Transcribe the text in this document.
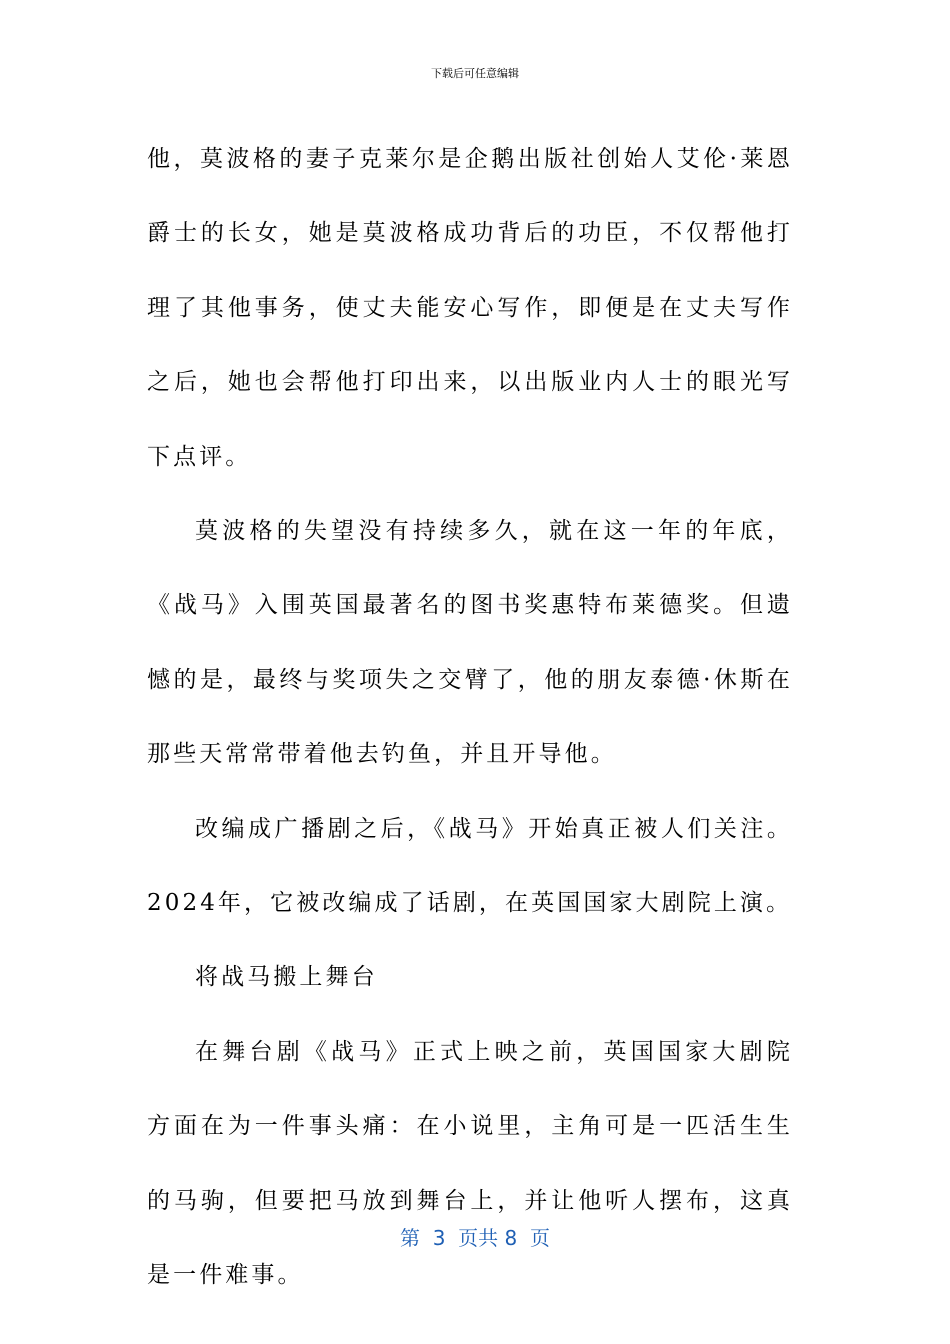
下载后可任意编辑

他，莫波格的妻子克莱尔是企鹅出版社创始人艾伦·莱恩爵士的长女，她是莫波格成功背后的功臣，不仅帮他打理了其他事务，使丈夫能安心写作，即便是在丈夫写作之后，她也会帮他打印出来，以出版业内人士的眼光写下点评。

莫波格的失望没有持续多久，就在这一年的年底，《战马》入围英国最著名的图书奖惠特布莱德奖。但遗憾的是，最终与奖项失之交臂了，他的朋友泰德·休斯在那些天常常带着他去钓鱼，并且开导他。

改编成广播剧之后，《战马》开始真正被人们关注。2024年，它被改编成了话剧，在英国国家大剧院上演。

将战马搬上舞台

在舞台剧《战马》正式上映之前，英国国家大剧院方面在为一件事头痛：在小说里，主角可是一匹活生生的马驹，但要把马放到舞台上，并让他听人摆布，这真是一件难事。

第  3  页共 8  页
